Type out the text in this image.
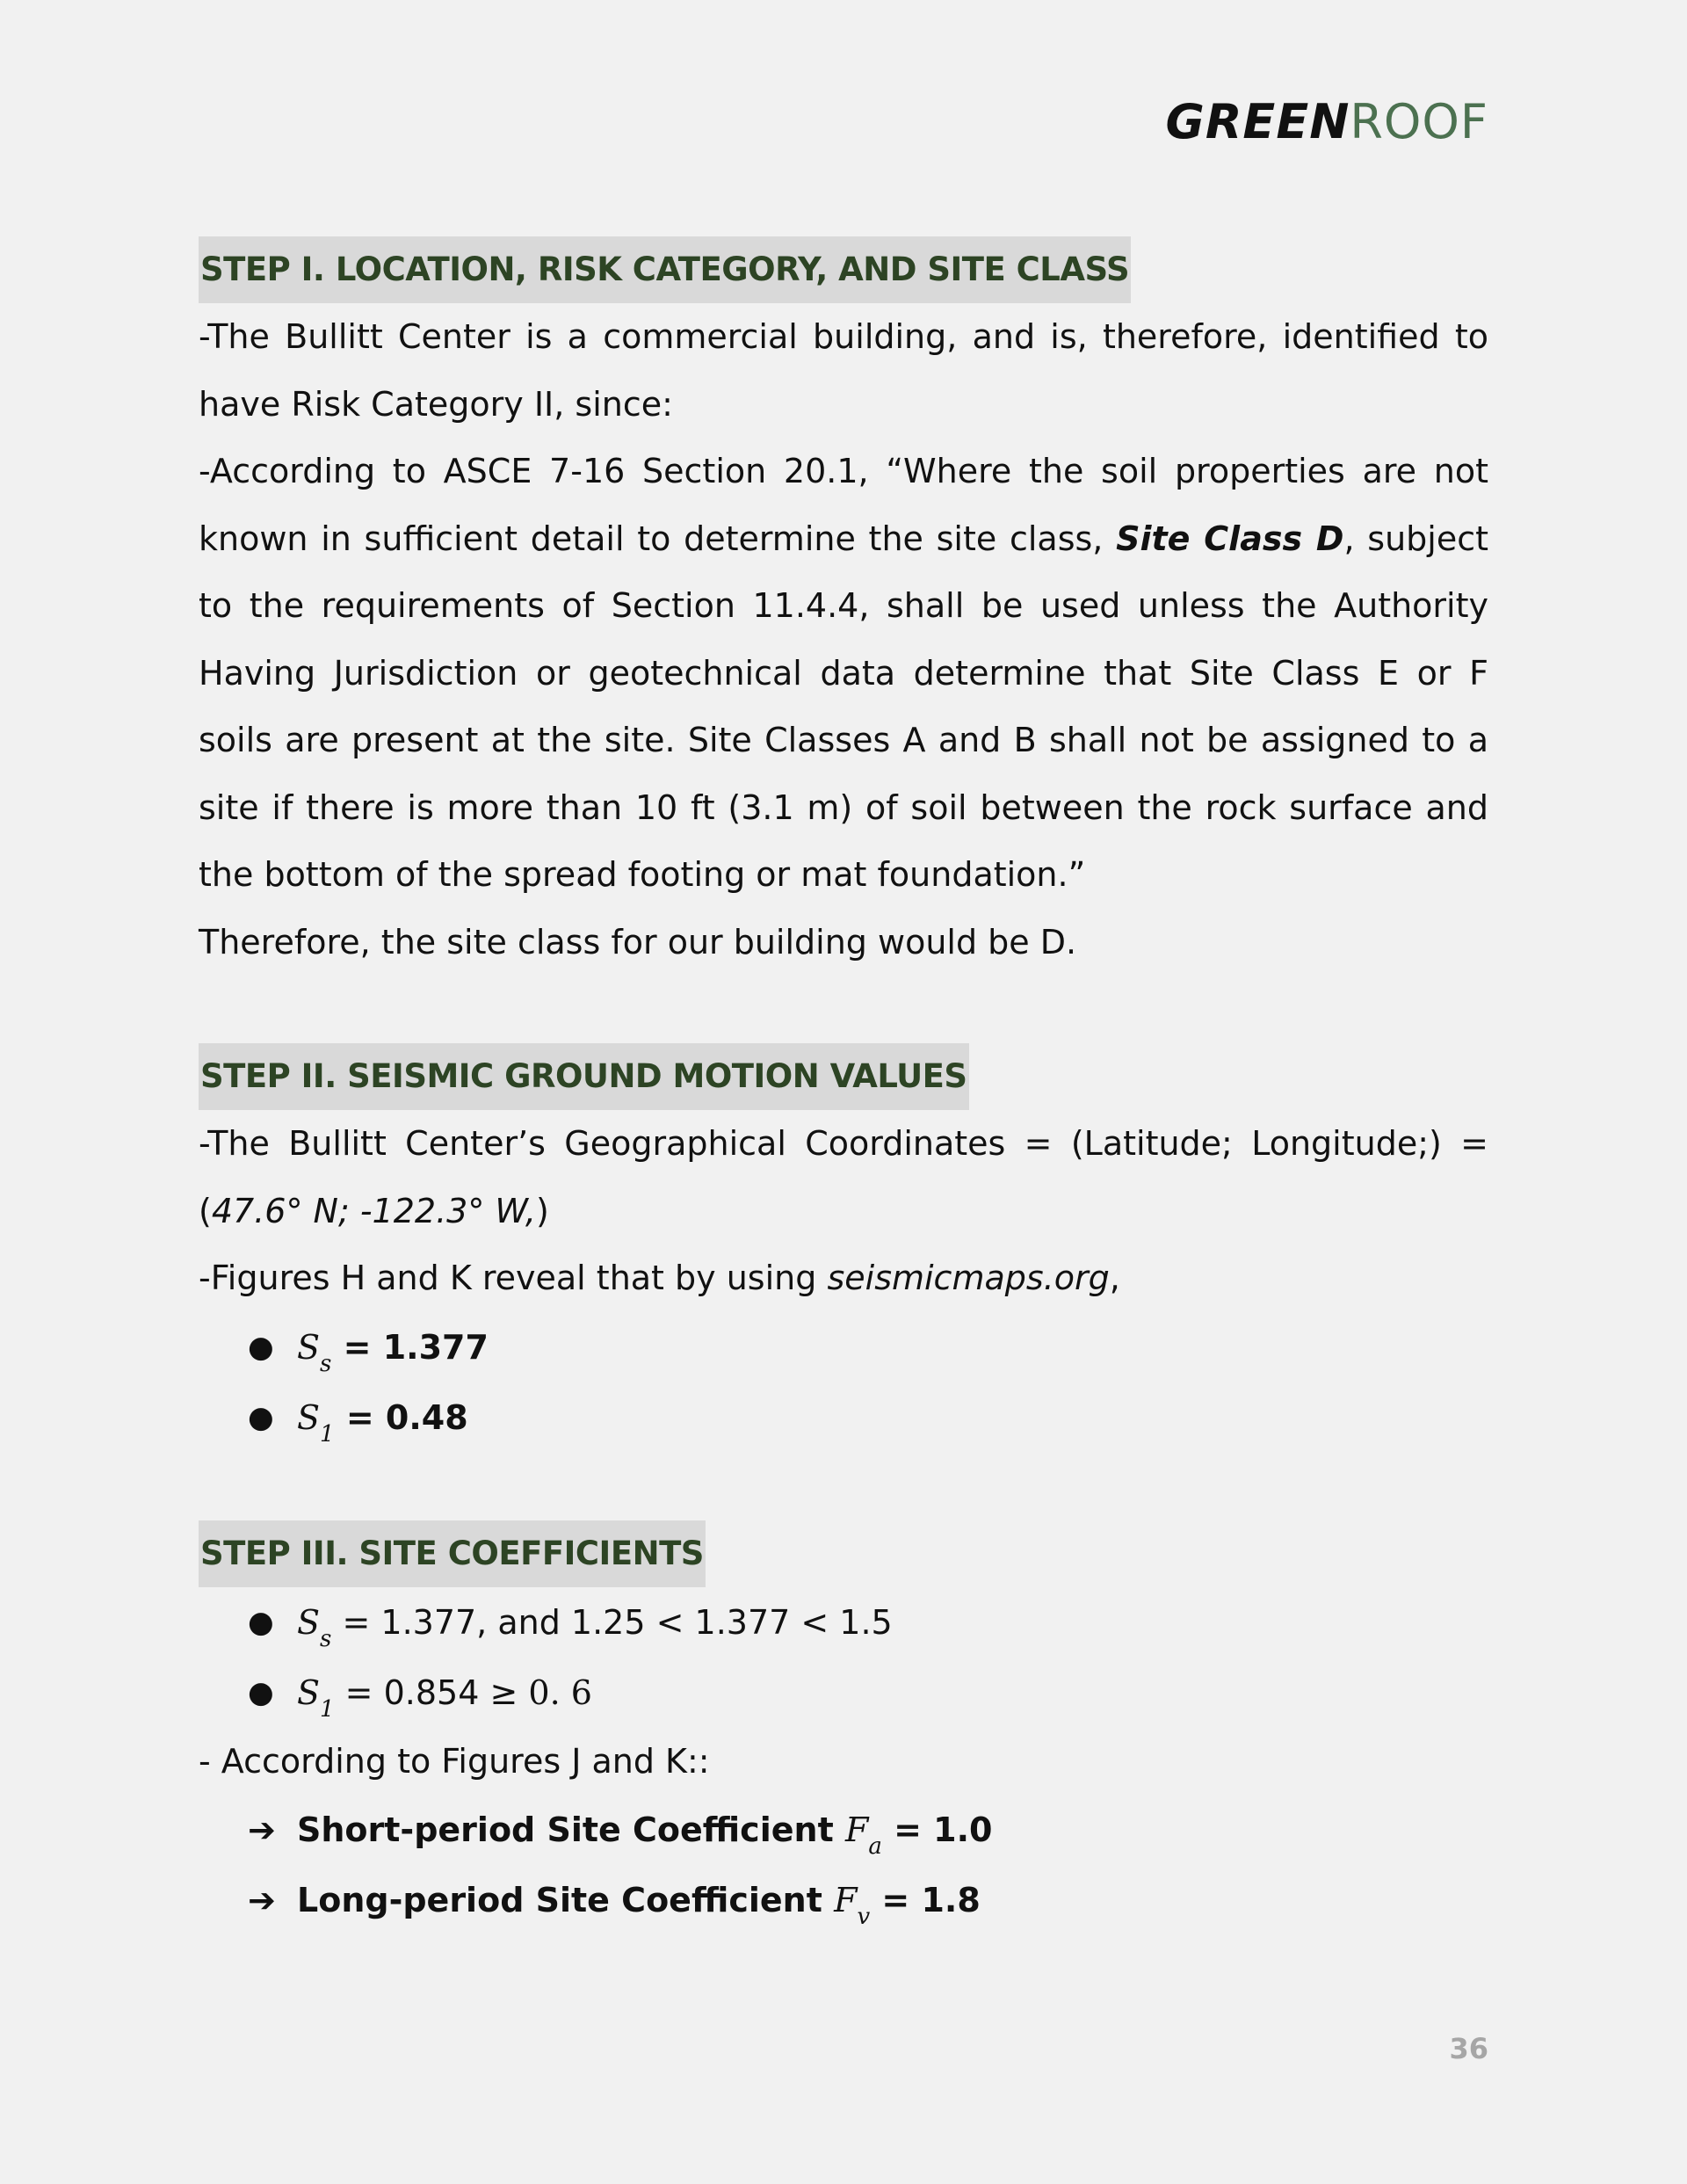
GREENROOF
STEP I. LOCATION, RISK CATEGORY, AND SITE CLASS

-The Bullitt Center is a commercial building, and is, therefore, identified to have Risk Category II, since:

-According to ASCE 7-16 Section 20.1, “Where the soil properties are not known in sufficient detail to determine the site class, Site Class D, subject to the requirements of Section 11.4.4, shall be used unless the Authority Having Jurisdiction or geotechnical data determine that Site Class E or F soils are present at the site. Site Classes A and B shall not be assigned to a site if there is more than 10 ft (3.1 m) of soil between the rock surface and the bottom of the spread footing or mat foundation.”

Therefore, the site class for our building would be D.

STEP II. SEISMIC GROUND MOTION VALUES

-The Bullitt Center’s Geographical Coordinates = (Latitude; Longitude;) = (47.6° N; -122.3° W,)

-Figures H and K reveal that by using seismicmaps.org,

● $S_s = 1.377$
● $S_1 = 0.48$
STEP III. SITE COEFFICIENTS
● $S_s = 1.377$, and 1.25 < 1.377 < 1.5
● $S_1 = 0.854 \ge 0$. 6

- According to Figures J and K::

➔ Short-period Site Coefficient $F_a = 1.0$
➔ Long-period Site Coefficient $F_v = 1.8$
36
